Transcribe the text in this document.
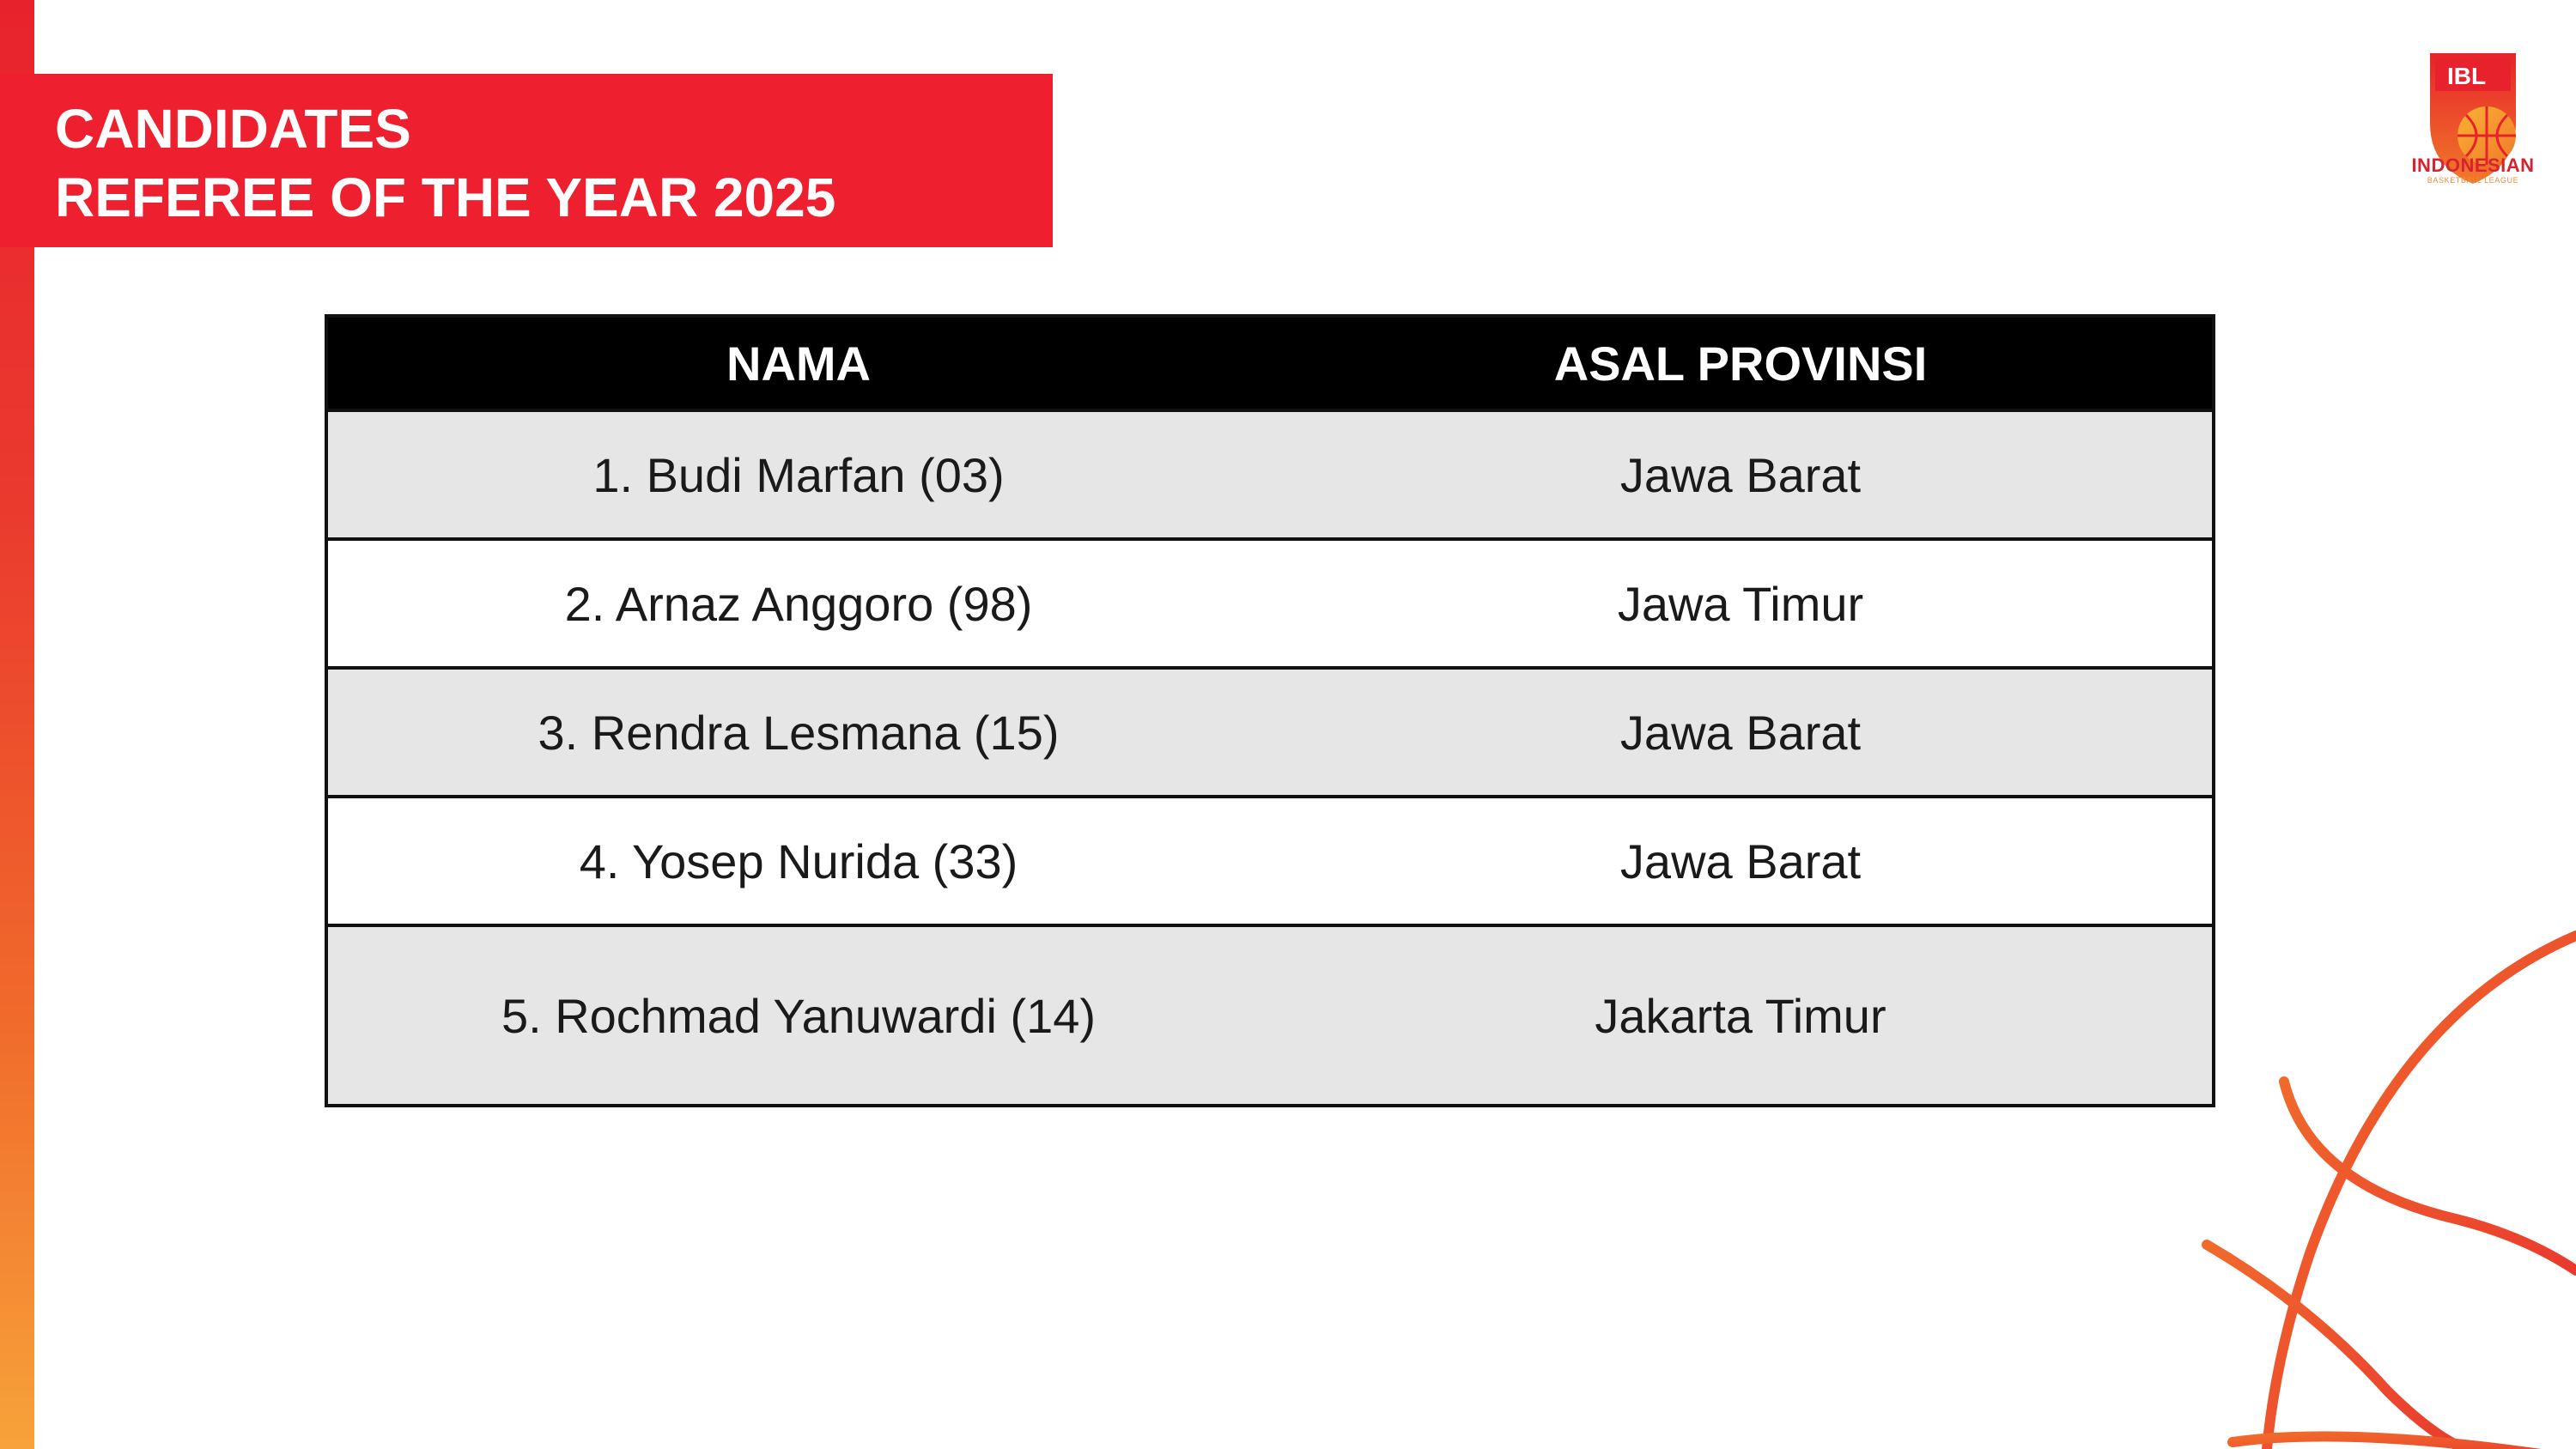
CANDIDATES
REFEREE OF THE YEAR 2025
IBL
INDONESIAN
BASKETBALL LEAGUE
NAMA	ASAL PROVINSI
1. Budi Marfan (03)	Jawa Barat
2. Arnaz Anggoro (98)	Jawa Timur
3. Rendra Lesmana (15)	Jawa Barat
4. Yosep Nurida (33)	Jawa Barat
5. Rochmad Yanuwardi (14)	Jakarta Timur
